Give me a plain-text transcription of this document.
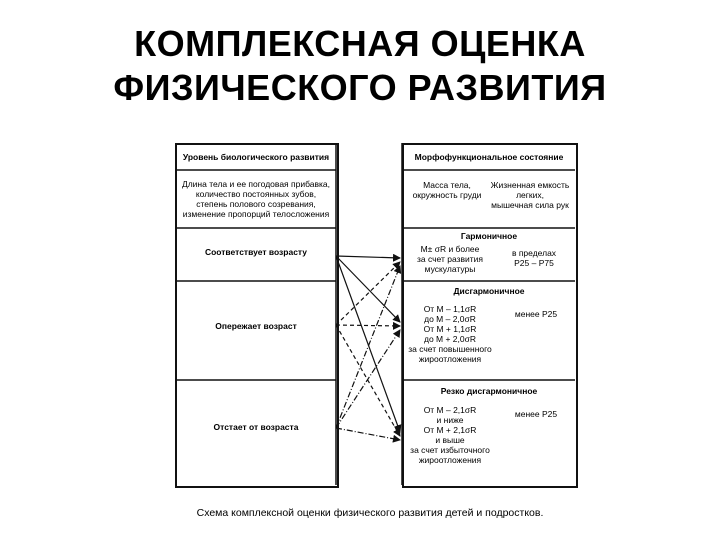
КОМПЛЕКСНАЯ ОЦЕНКА
ФИЗИЧЕСКОГО РАЗВИТИЯ
Уровень биологического развития
Длина тела и ее погодовая прибавка,
количество постоянных зубов,
степень полового созревания,
изменение пропорций телосложения
Соответствует возрасту
Опережает возраст
Отстает от возраста
Морфофункциональное состояние
Масса тела,
окружность груди
Жизненная емкость
легких,
мышечная сила рук
Гармоничное
M± σR и более
за счет развития
мускулатуры
в пределах
P25 – P75
Дисгармоничное
От M – 1,1σR
до M – 2,0σR
От M + 1,1σR
до M + 2,0σR
за счет повышенного
жироотложения
менее P25
Резко дисгармоничное
От M – 2,1σR
и ниже
От M + 2,1σR
и выше
за счет избыточного
жироотложения
менее P25
Схема комплексной оценки физического развития детей и подростков.
